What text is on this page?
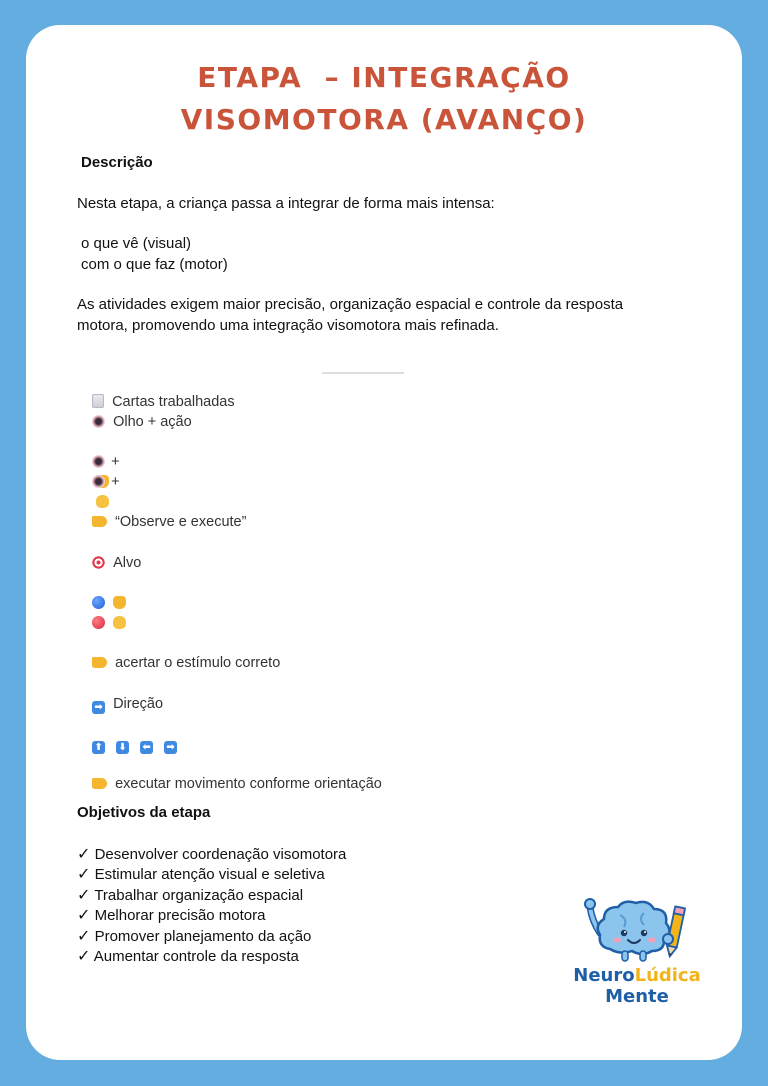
ETAPA  – INTEGRAÇÃO
VISOMOTORA (AVANÇO)
Descrição
Nesta etapa, a criança passa a integrar de forma mais intensa:
o que vê (visual)
com o que faz (motor)
As atividades exigem maior precisão, organização espacial e controle da resposta
motora, promovendo uma integração visomotora mais refinada.

Cartas trabalhadas

Olho + ação

+

+

“Observe e execute”

Alvo

acertar o estímulo correto

➡ Direção

⬆ ⬇ ⬅ ➡

executar movimento conforme orientação

Objetivos da etapa
✓ Desenvolver coordenação visomotora
✓ Estimular atenção visual e seletiva
✓ Trabalhar organização espacial
✓ Melhorar precisão motora
✓ Promover planejamento da ação
✓ Aumentar controle da resposta
NeuroLúdica
Mente
